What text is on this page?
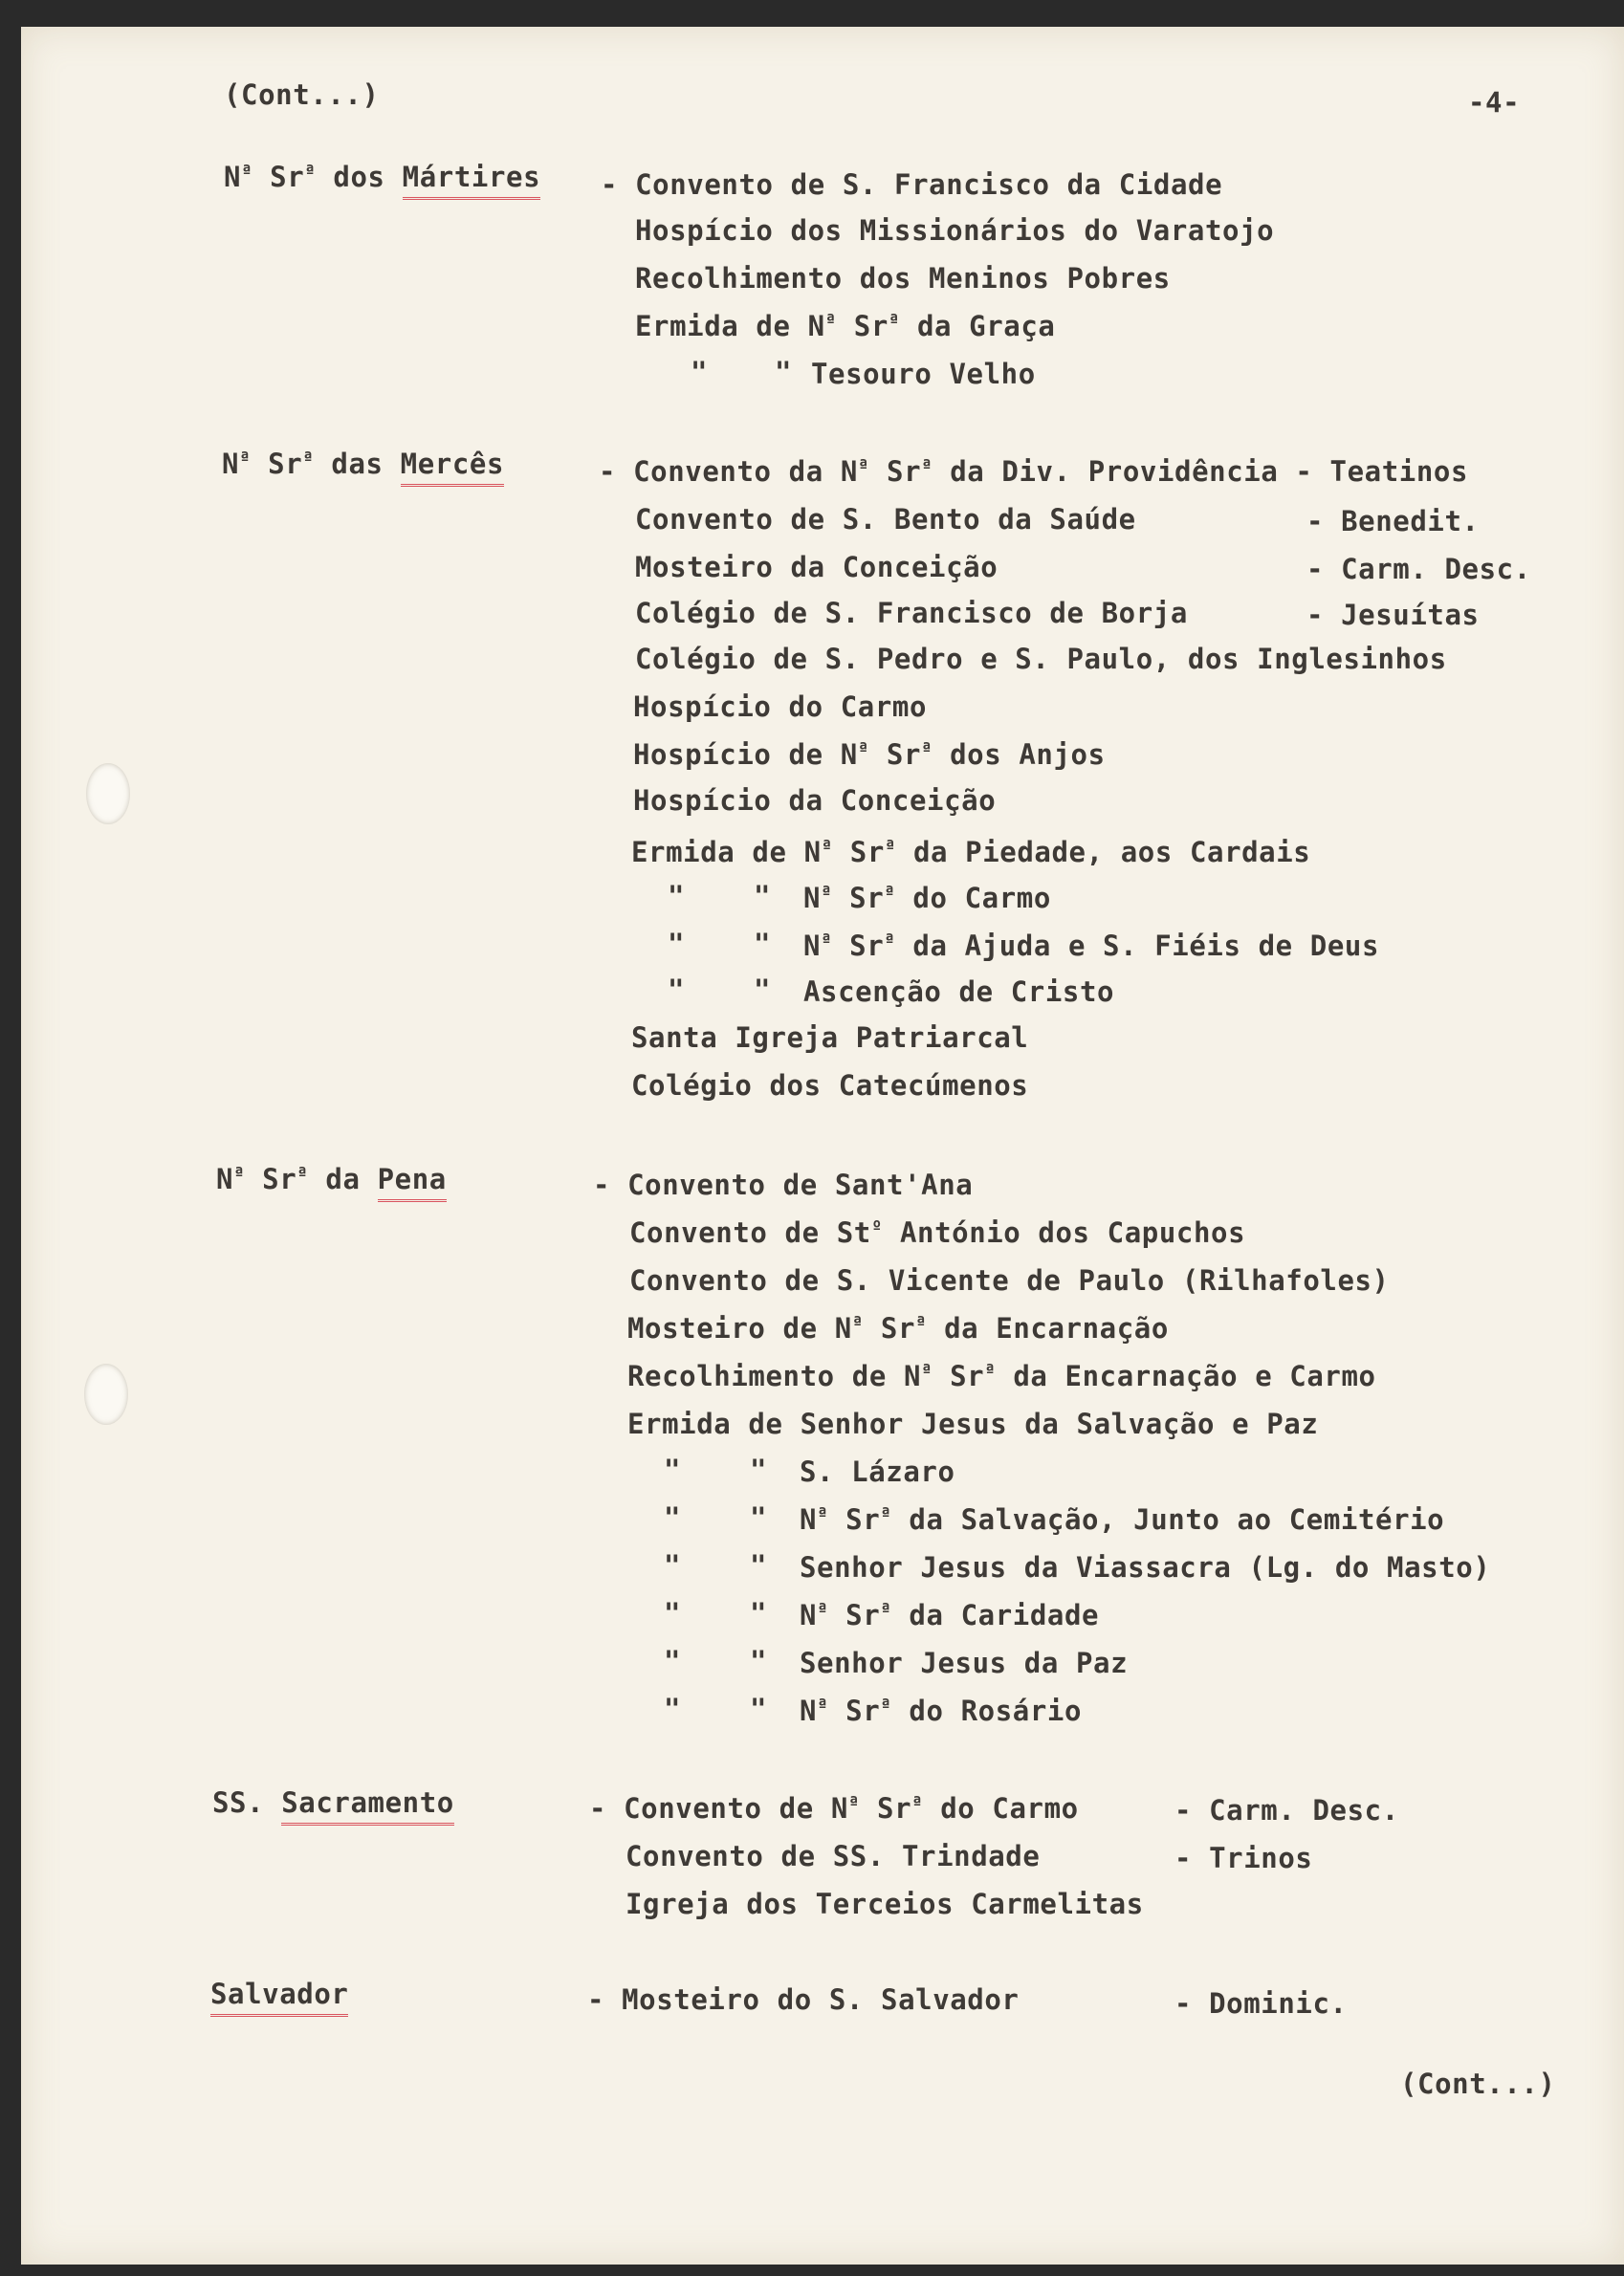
(Cont...)	-4-
$N^ª$ $Sr^ª$ dos Mártires - Convento de S. Francisco da Cidade
Hospício dos Missionários do Varatojo
Recolhimento dos Meninos Pobres
Ermida de $N^ª$ $Sr^ª$ da Graça
" " Tesouro Velho
$N^ª$ $Sr^ª$ das Mercês	- Convento da $N^ª$ $Sr^ª$ da Div. Providência - Teatinos
Convento de S. Bento da Saúde	- Benedit.
Mosteiro da Conceição	- Carm. Desc.
Colégio de S. Francisco de Borja	- Jesuítas
Colégio de S. Pedro e S. Paulo, dos Inglesinhos
Hospício do Carmo
Hospício de $N^ª$ $Sr^ª$ dos Anjos
Hospício da Conceição
Ermida de $N^ª$ $Sr^ª$ da Piedade, aos Cardais
" " $N^ª$ $Sr^ª$ do Carmo
" " $N^ª$ $Sr^ª$ da Ajuda e S. Fiéis de Deus
" " Ascenção de Cristo
Santa Igreja Patriarcal
Colégio dos Catecúmenos
$N^ª$ $Sr^ª$ da Pena	- Convento de Sant'Ana
Convento de $St^º$ António dos Capuchos
Convento de S. Vicente de Paulo (Rilhafoles)
Mosteiro de $N^ª$ $Sr^ª$ da Encarnação
Recolhimento de $N^ª$ $Sr^ª$ da Encarnação e Carmo
Ermida de Senhor Jesus da Salvação e Paz
" " S. Lázaro
" " $N^ª$ $Sr^ª$ da Salvação, Junto ao Cemitério
" " Senhor Jesus da Viassacra (Lg. do Masto)
" " $N^ª$ $Sr^ª$ da Caridade
" " Senhor Jesus da Paz
" " $N^ª$ $Sr^ª$ do Rosário
SS. Sacramento	- Convento de $N^ª$ $Sr^ª$ do Carmo	- Carm. Desc.
Convento de SS. Trindade	- Trinos
Igreja dos Terceios Carmelitas
Salvador	- Mosteiro do S. Salvador	- Dominic.
(Cont...)
